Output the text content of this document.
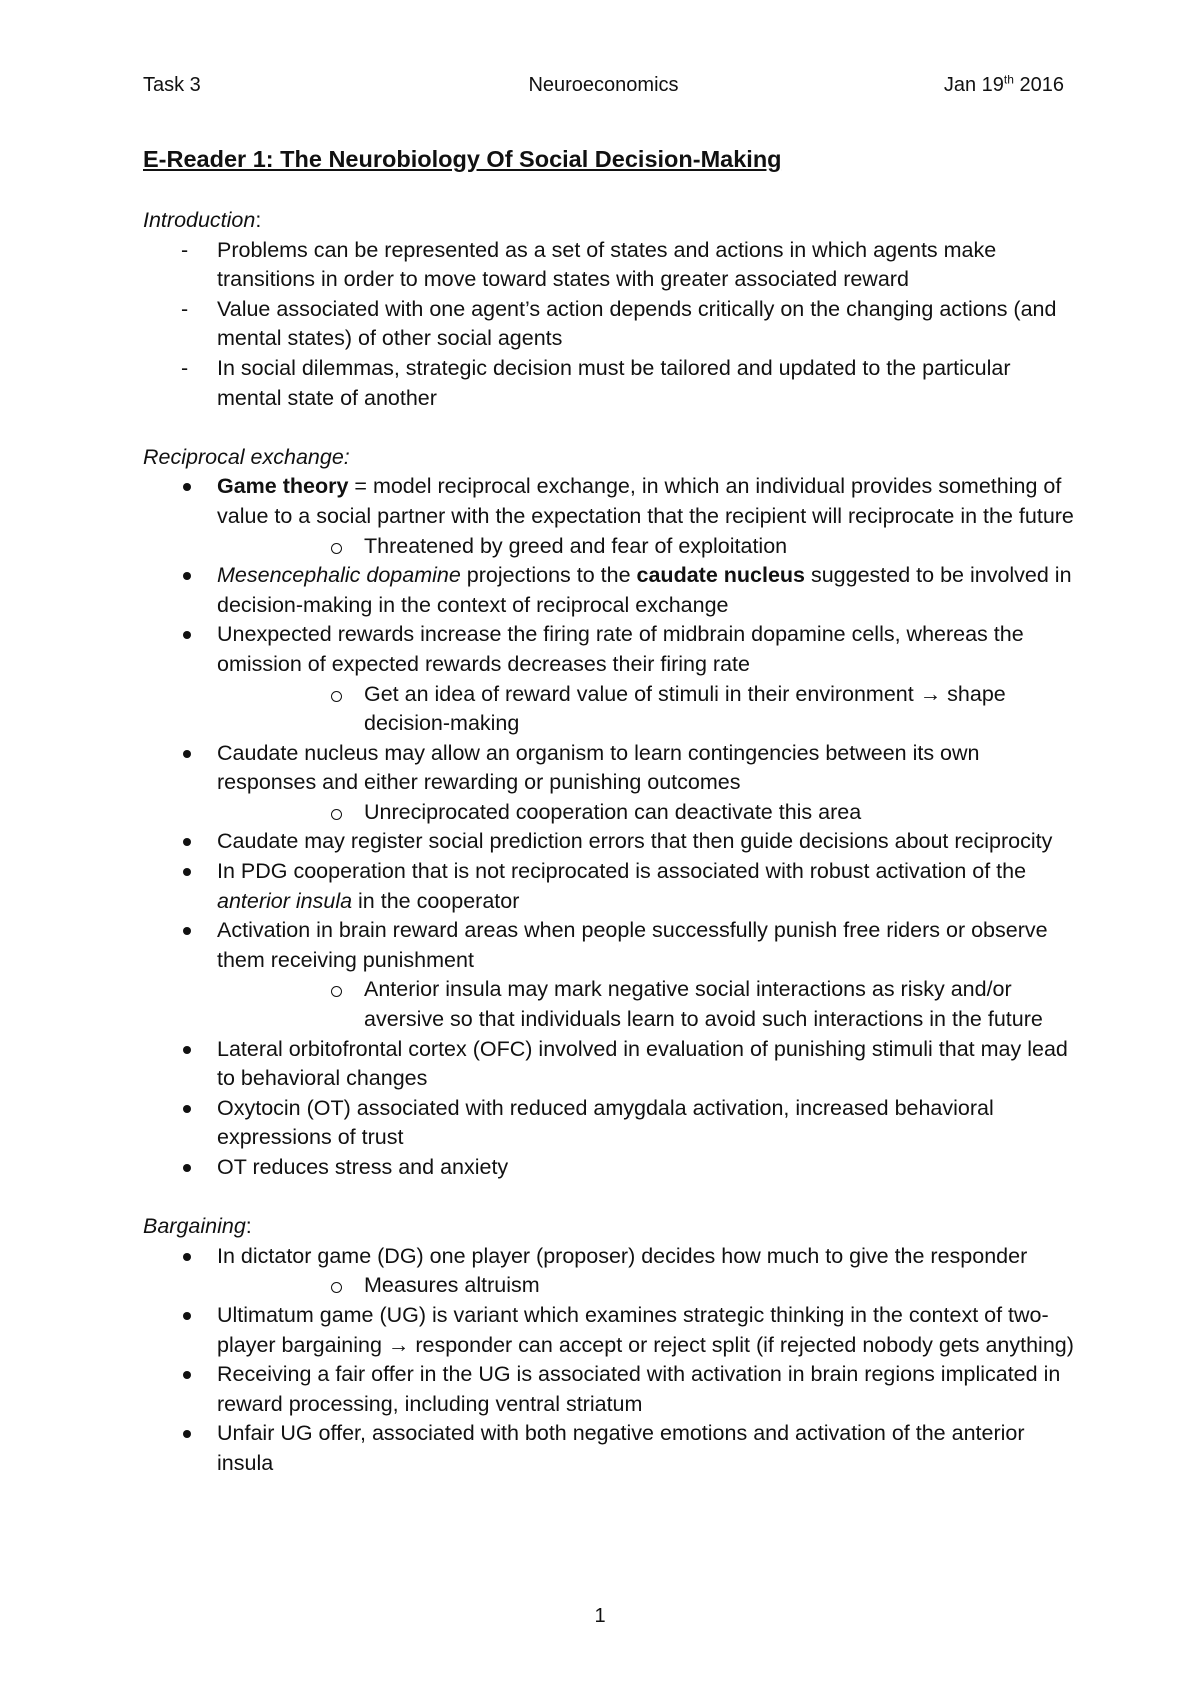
Task 3	Neuroeconomics	Jan 19th 2016
E-Reader 1: The Neurobiology Of Social Decision-Making
Introduction:
- Problems can be represented as a set of states and actions in which agents make transitions in order to move toward states with greater associated reward
- Value associated with one agent’s action depends critically on the changing actions (and mental states) of other social agents
- In social dilemmas, strategic decision must be tailored and updated to the particular mental state of another
Reciprocal exchange:
Game theory = model reciprocal exchange, in which an individual provides something of value to a social partner with the expectation that the recipient will reciprocate in the future
Threatened by greed and fear of exploitation
Mesencephalic dopamine projections to the caudate nucleus suggested to be involved in decision-making in the context of reciprocal exchange
Unexpected rewards increase the firing rate of midbrain dopamine cells, whereas the omission of expected rewards decreases their firing rate
Get an idea of reward value of stimuli in their environment → shape decision-making
Caudate nucleus may allow an organism to learn contingencies between its own responses and either rewarding or punishing outcomes
Unreciprocated cooperation can deactivate this area
Caudate may register social prediction errors that then guide decisions about reciprocity
In PDG cooperation that is not reciprocated is associated with robust activation of the anterior insula in the cooperator
Activation in brain reward areas when people successfully punish free riders or observe them receiving punishment
Anterior insula may mark negative social interactions as risky and/or aversive so that individuals learn to avoid such interactions in the future
Lateral orbitofrontal cortex (OFC) involved in evaluation of punishing stimuli that may lead to behavioral changes
Oxytocin (OT) associated with reduced amygdala activation, increased behavioral expressions of trust
OT reduces stress and anxiety
Bargaining:
In dictator game (DG) one player (proposer) decides how much to give the responder
Measures altruism
Ultimatum game (UG) is variant which examines strategic thinking in the context of two-player bargaining → responder can accept or reject split (if rejected nobody gets anything)
Receiving a fair offer in the UG is associated with activation in brain regions implicated in reward processing, including ventral striatum
Unfair UG offer, associated with both negative emotions and activation of the anterior insula
1
